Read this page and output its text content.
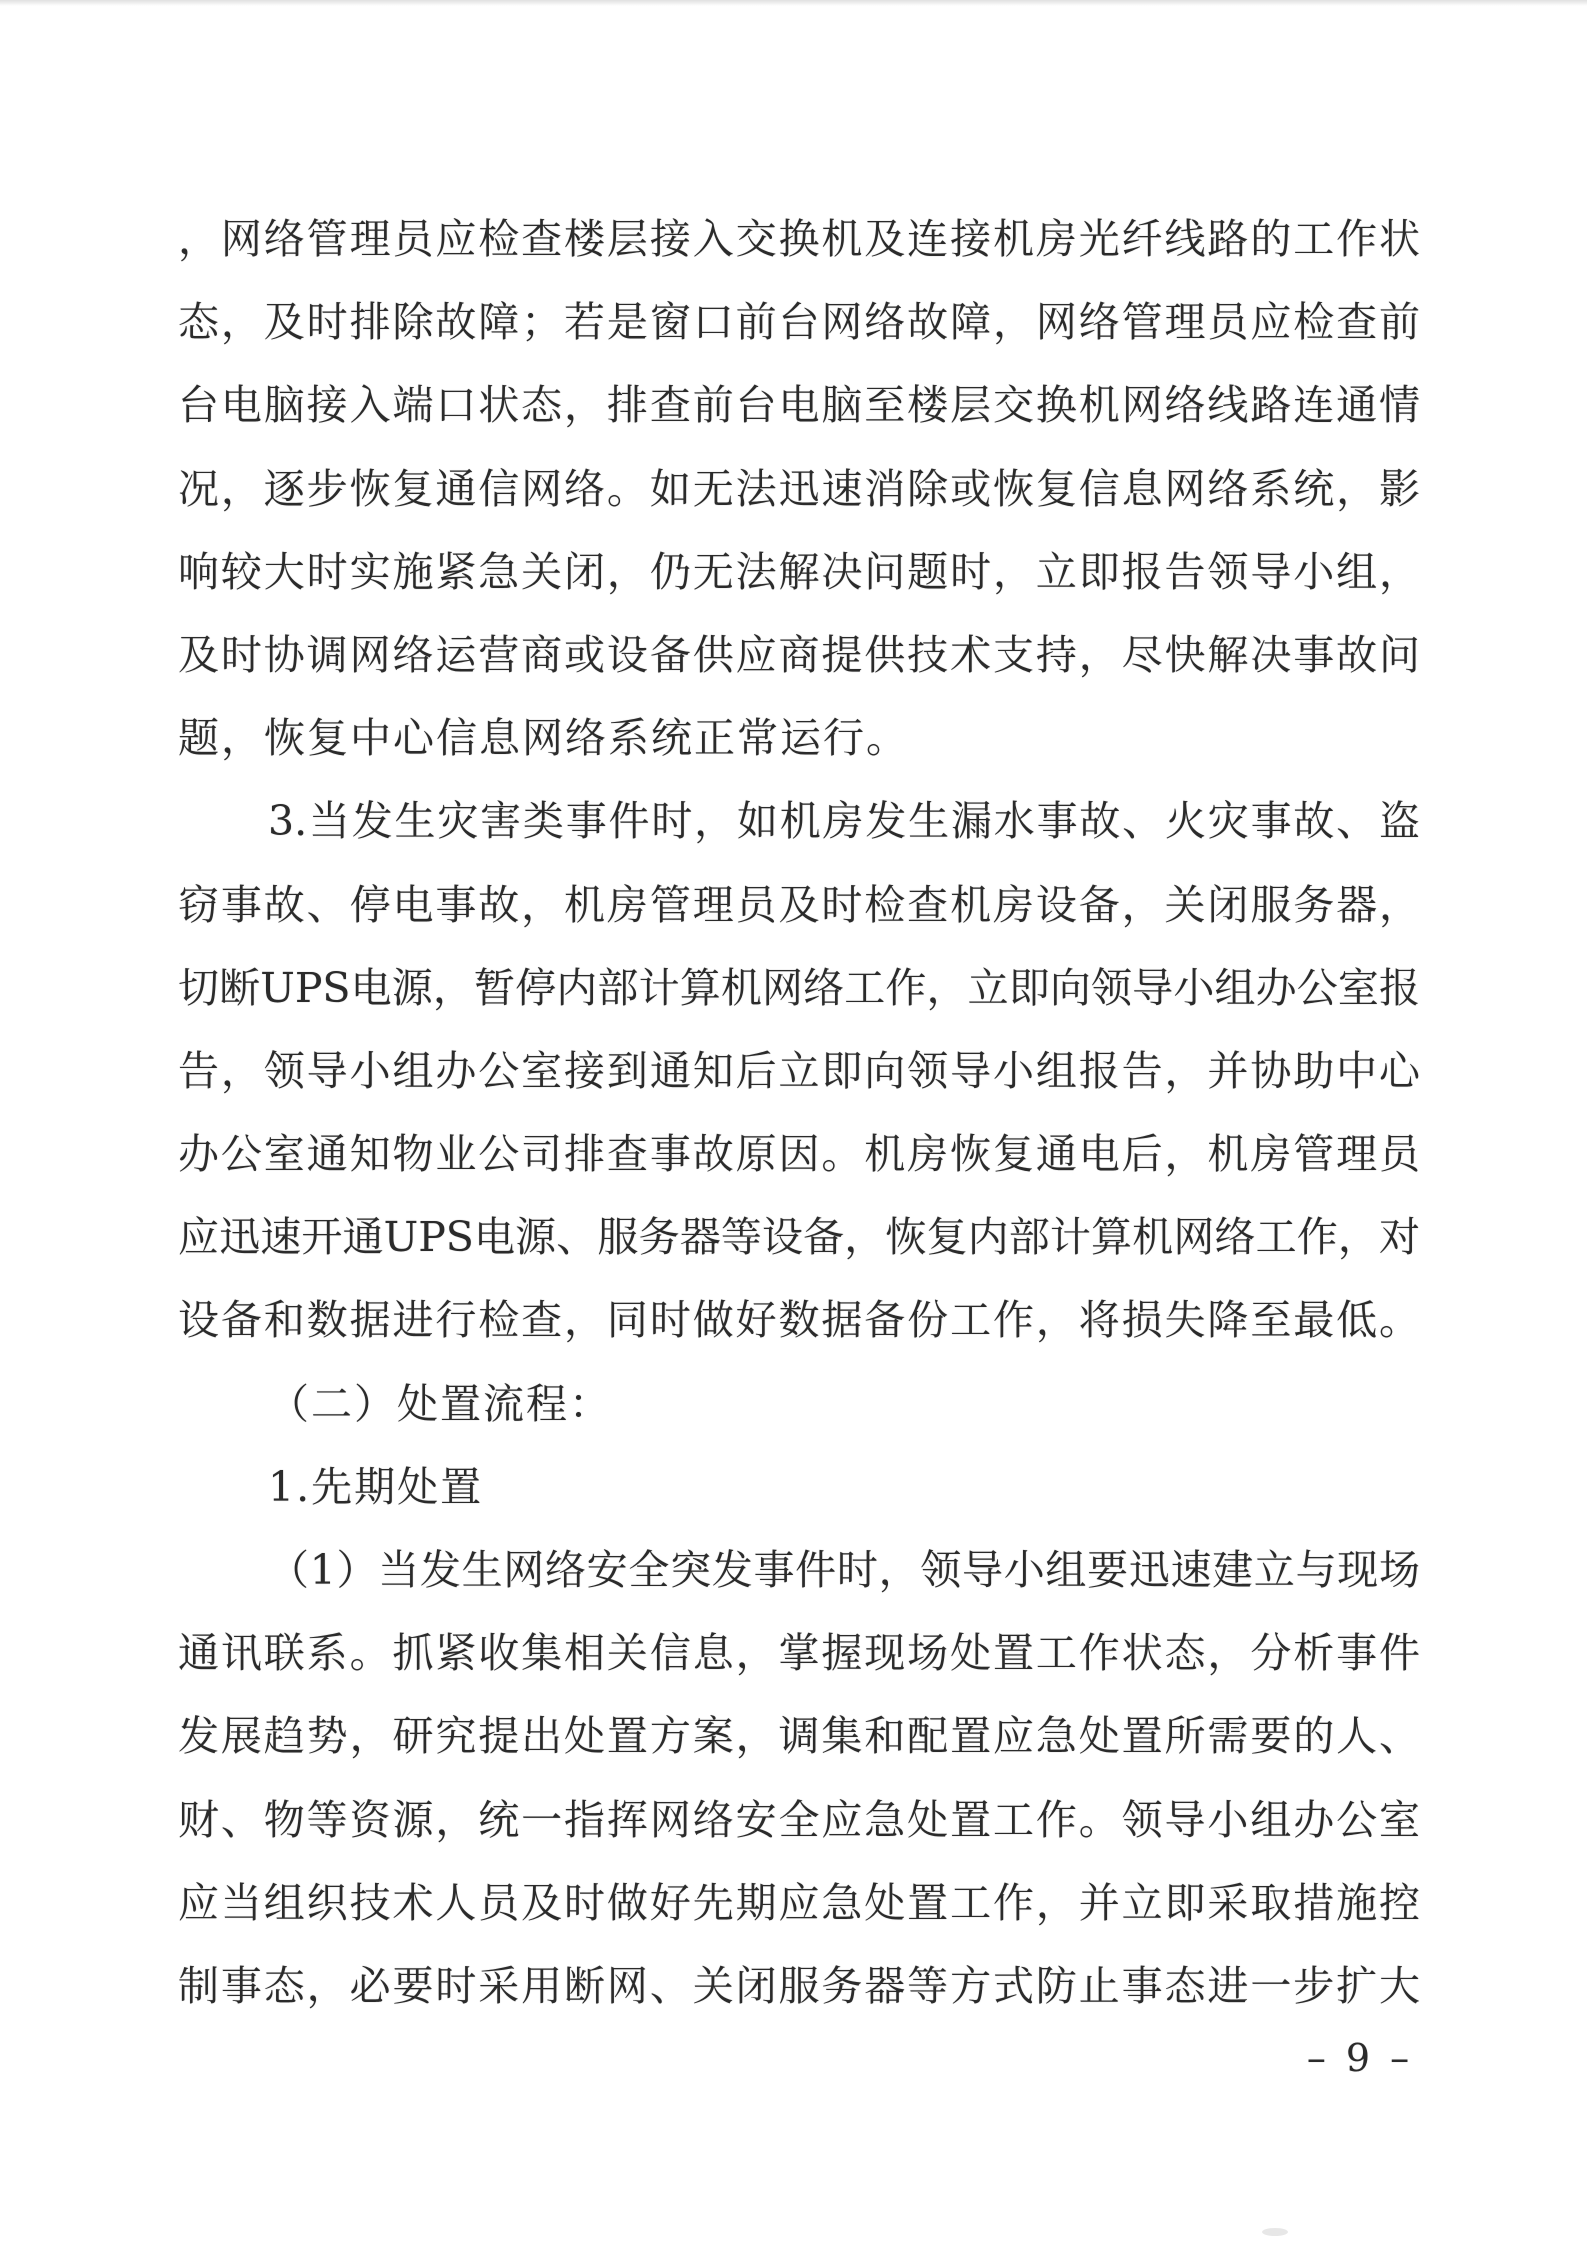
，网络管理员应检查楼层接入交换机及连接机房光纤线路的工作状
态，及时排除故障；若是窗口前台网络故障，网络管理员应检查前
台电脑接入端口状态，排查前台电脑至楼层交换机网络线路连通情
况，逐步恢复通信网络。如无法迅速消除或恢复信息网络系统，影
响较大时实施紧急关闭，仍无法解决问题时，立即报告领导小组，
及时协调网络运营商或设备供应商提供技术支持，尽快解决事故问
题，恢复中心信息网络系统正常运行。
3.当发生灾害类事件时，如机房发生漏水事故、火灾事故、盗
窃事故、停电事故，机房管理员及时检查机房设备，关闭服务器，
切断UPS电源，暂停内部计算机网络工作，立即向领导小组办公室报
告，领导小组办公室接到通知后立即向领导小组报告，并协助中心
办公室通知物业公司排查事故原因。机房恢复通电后，机房管理员
应迅速开通UPS电源、服务器等设备，恢复内部计算机网络工作，对
设备和数据进行检查，同时做好数据备份工作，将损失降至最低。
（二）处置流程：
1.先期处置
（1）当发生网络安全突发事件时，领导小组要迅速建立与现场
通讯联系。抓紧收集相关信息，掌握现场处置工作状态，分析事件
发展趋势，研究提出处置方案，调集和配置应急处置所需要的人、
财、物等资源，统一指挥网络安全应急处置工作。领导小组办公室
应当组织技术人员及时做好先期应急处置工作，并立即采取措施控
制事态，必要时采用断网、关闭服务器等方式防止事态进一步扩大
– 9 –
